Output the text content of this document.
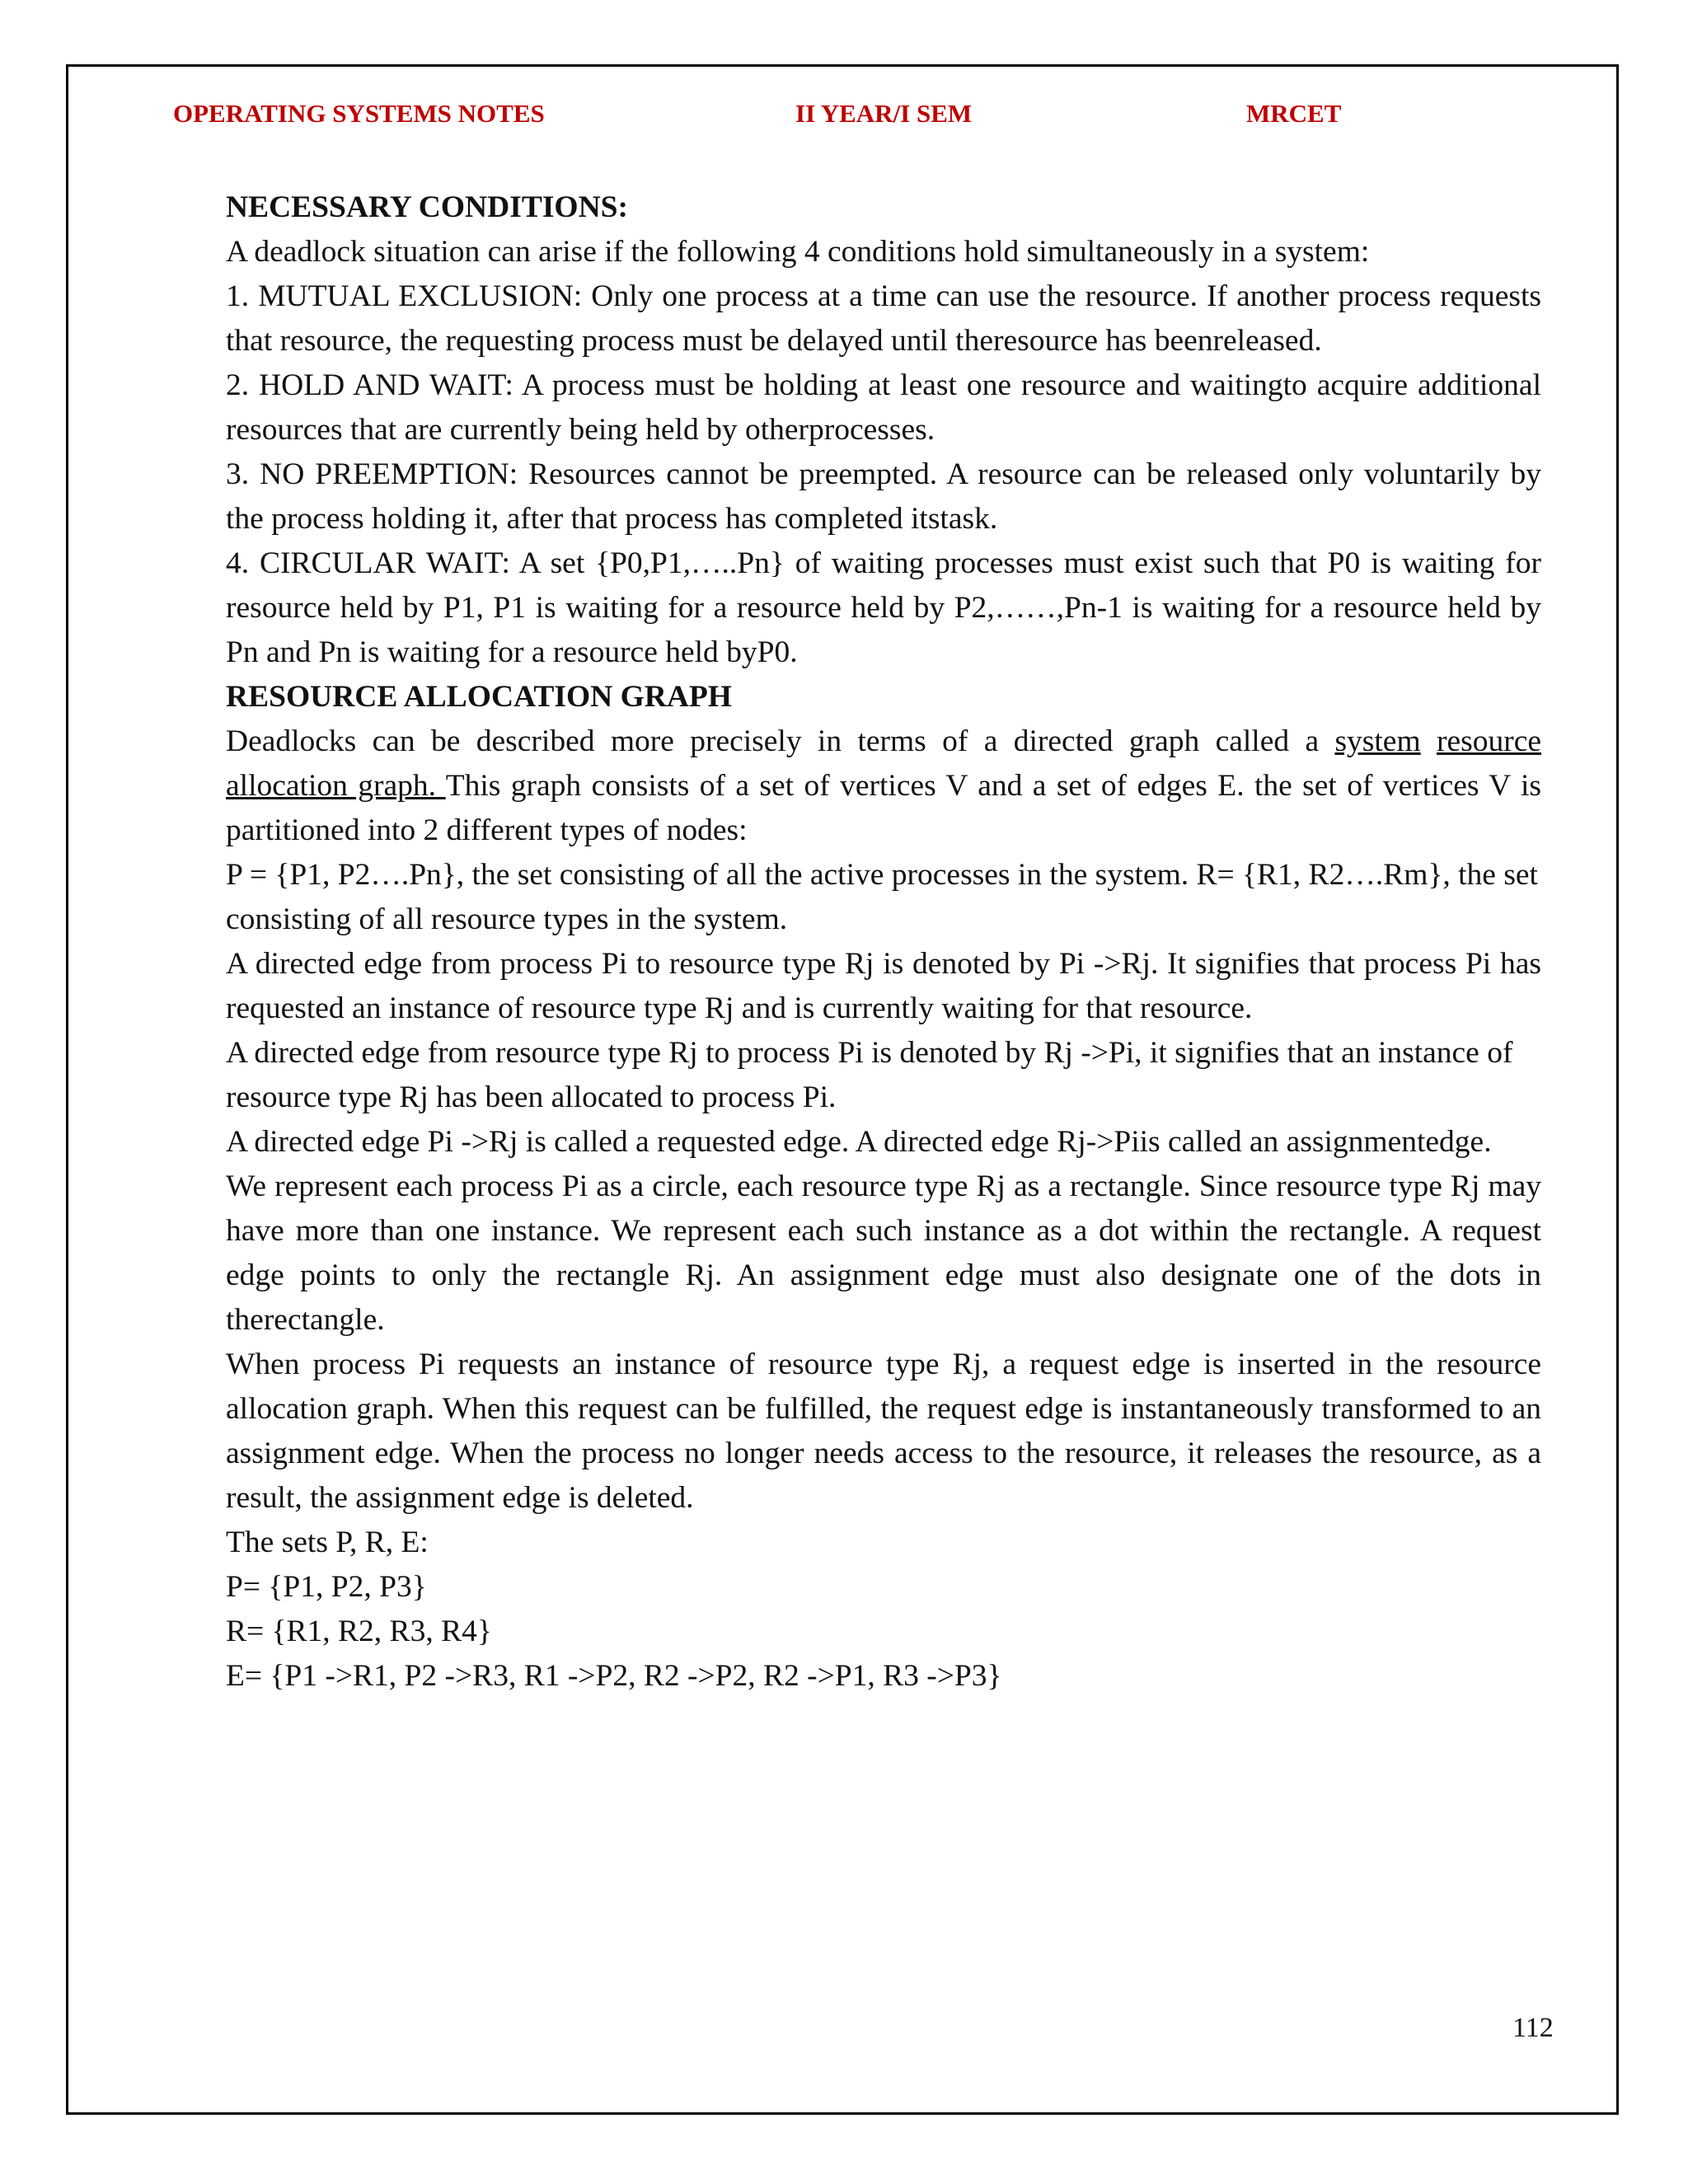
OPERATING SYSTEMS NOTES	II YEAR/I SEM	MRCET

NECESSARY CONDITIONS:

A deadlock situation can arise if the following 4 conditions hold simultaneously in a system:

1. MUTUAL EXCLUSION: Only one process at a time can use the resource. If another process requests that resource, the requesting process must be delayed until theresource has beenreleased.

2. HOLD AND WAIT: A process must be holding at least one resource and waitingto acquire additional resources that are currently being held by otherprocesses.

3. NO PREEMPTION: Resources cannot be preempted. A resource can be released only voluntarily by the process holding it, after that process has completed itstask.

4. CIRCULAR WAIT: A set {P0,P1,…..Pn} of waiting processes must exist such that P0 is waiting for resource held by P1, P1 is waiting for a resource held by P2,……,Pn-1 is waiting for a resource held by Pn and Pn is waiting for a resource held byP0.

RESOURCE ALLOCATION GRAPH

Deadlocks can be described more precisely in terms of a directed graph called a system resource allocation graph. This graph consists of a set of vertices V and a set of edges E. the set of vertices V is partitioned into 2 different types of nodes:

P = {P1, P2….Pn}, the set consisting of all the active processes in the system. R= {R1, R2….Rm}, the set consisting of all resource types in the system.

A directed edge from process Pi to resource type Rj is denoted by Pi ->Rj. It signifies that process Pi has requested an instance of resource type Rj and is currently waiting for that resource.

A directed edge from resource type Rj to process Pi is denoted by Rj ->Pi, it signifies that an instance of resource type Rj has been allocated to process Pi.

A directed edge Pi ->Rj is called a requested edge. A directed edge Rj->Piis called an assignmentedge.

We represent each process Pi as a circle, each resource type Rj as a rectangle. Since resource type Rj may have more than one instance. We represent each such instance as a dot within the rectangle. A request edge points to only the rectangle Rj. An assignment edge must also designate one of the dots in therectangle.

When process Pi requests an instance of resource type Rj, a request edge is inserted in the resource allocation graph. When this request can be fulfilled, the request edge is instantaneously transformed to an assignment edge. When the process no longer needs access to the resource, it releases the resource, as a result, the assignment edge is deleted.

The sets P, R, E:

P= {P1, P2, P3}

R= {R1, R2, R3, R4}

E= {P1 ->R1, P2 ->R3, R1 ->P2, R2 ->P2, R2 ->P1, R3 ->P3}

112
